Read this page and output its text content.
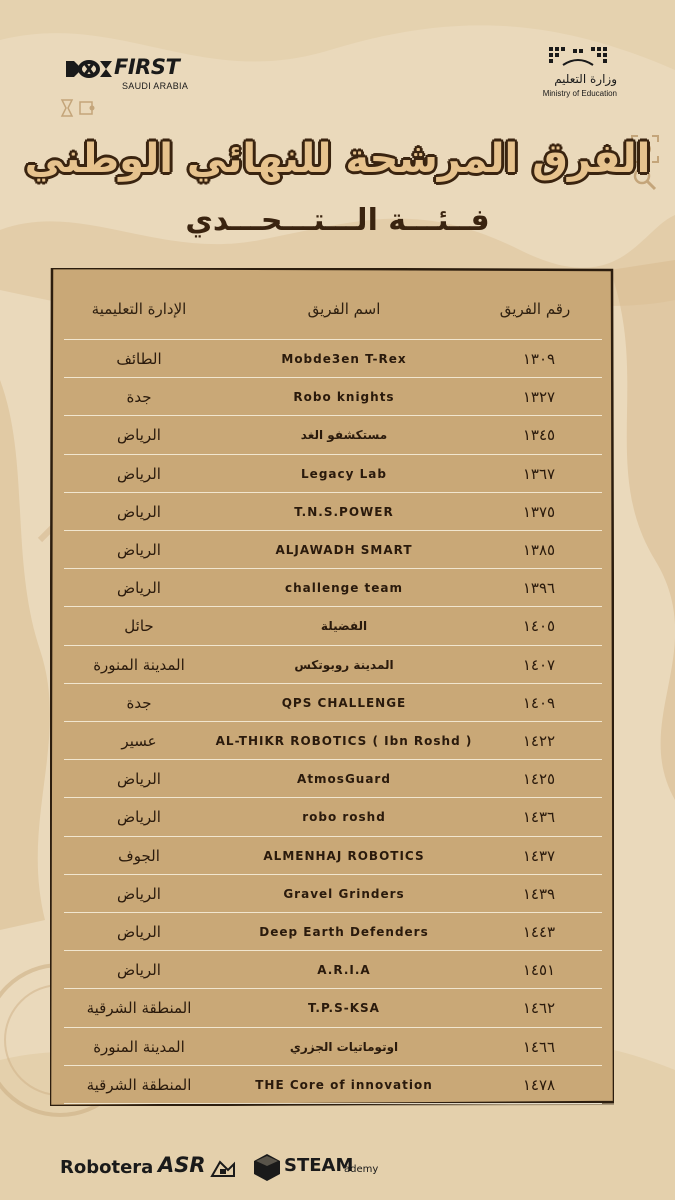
FIRST
SAUDI ARABIA	وزارة التعليم
Ministry of Education
الفرق المرشحة للنهائي الوطني
فــئـــة الـــتـــحـــدي
رقم الفريق
اسم الفريق
الإدارة التعليمية
١٣٠٩
Mobde3en T-Rex
الطائف
١٣٢٧
Robo knights
جدة
١٣٤٥
مستكشفو الغد
الرياض
١٣٦٧
Legacy Lab
الرياض
١٣٧٥
T.N.S.POWER
الرياض
١٣٨٥
ALJAWADH SMART
الرياض
١٣٩٦
challenge team
الرياض
١٤٠٥
الفضيلة
حائل
١٤٠٧
المدينة روبوتكس
المدينة المنورة
١٤٠٩
QPS CHALLENGE
جدة
١٤٢٢
AL-THIKR ROBOTICS ( Ibn Roshd )
عسير
١٤٢٥
AtmosGuard
الرياض
١٤٣٦
robo roshd
الرياض
١٤٣٧
ALMENHAJ ROBOTICS
الجوف
١٤٣٩
Gravel Grinders
الرياض
١٤٤٣
Deep Earth Defenders
الرياض
١٤٥١
A.R.I.A
الرياض
١٤٦٢
T.P.S-KSA
المنطقة الشرقية
١٤٦٦
اوتوماتيات الجزري
المدينة المنورة
١٤٧٨
THE Core of innovation
المنطقة الشرقية
Robotera ASR	STEAM
ademy
